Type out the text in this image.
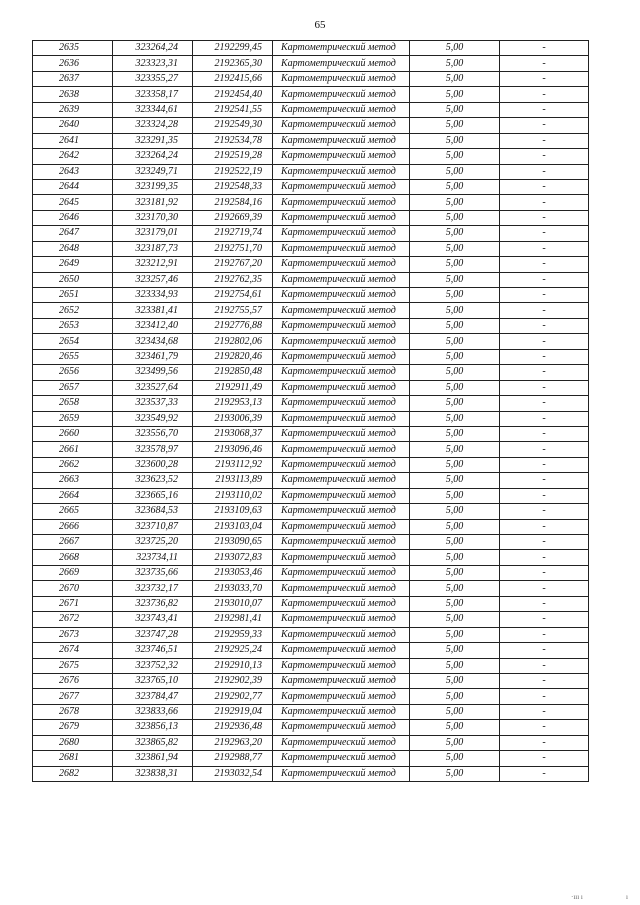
65
2635	323264,24	2192299,45	Картометрический метод	5,00	-
2636	323323,31	2192365,30	Картометрический метод	5,00	-
2637	323355,27	2192415,66	Картометрический метод	5,00	-
2638	323358,17	2192454,40	Картометрический метод	5,00	-
2639	323344,61	2192541,55	Картометрический метод	5,00	-
2640	323324,28	2192549,30	Картометрический метод	5,00	-
2641	323291,35	2192534,78	Картометрический метод	5,00	-
2642	323264,24	2192519,28	Картометрический метод	5,00	-
2643	323249,71	2192522,19	Картометрический метод	5,00	-
2644	323199,35	2192548,33	Картометрический метод	5,00	-
2645	323181,92	2192584,16	Картометрический метод	5,00	-
2646	323170,30	2192669,39	Картометрический метод	5,00	-
2647	323179,01	2192719,74	Картометрический метод	5,00	-
2648	323187,73	2192751,70	Картометрический метод	5,00	-
2649	323212,91	2192767,20	Картометрический метод	5,00	-
2650	323257,46	2192762,35	Картометрический метод	5,00	-
2651	323334,93	2192754,61	Картометрический метод	5,00	-
2652	323381,41	2192755,57	Картометрический метод	5,00	-
2653	323412,40	2192776,88	Картометрический метод	5,00	-
2654	323434,68	2192802,06	Картометрический метод	5,00	-
2655	323461,79	2192820,46	Картометрический метод	5,00	-
2656	323499,56	2192850,48	Картометрический метод	5,00	-
2657	323527,64	2192911,49	Картометрический метод	5,00	-
2658	323537,33	2192953,13	Картометрический метод	5,00	-
2659	323549,92	2193006,39	Картометрический метод	5,00	-
2660	323556,70	2193068,37	Картометрический метод	5,00	-
2661	323578,97	2193096,46	Картометрический метод	5,00	-
2662	323600,28	2193112,92	Картометрический метод	5,00	-
2663	323623,52	2193113,89	Картометрический метод	5,00	-
2664	323665,16	2193110,02	Картометрический метод	5,00	-
2665	323684,53	2193109,63	Картометрический метод	5,00	-
2666	323710,87	2193103,04	Картометрический метод	5,00	-
2667	323725,20	2193090,65	Картометрический метод	5,00	-
2668	323734,11	2193072,83	Картометрический метод	5,00	-
2669	323735,66	2193053,46	Картометрический метод	5,00	-
2670	323732,17	2193033,70	Картометрический метод	5,00	-
2671	323736,82	2193010,07	Картометрический метод	5,00	-
2672	323743,41	2192981,41	Картометрический метод	5,00	-
2673	323747,28	2192959,33	Картометрический метод	5,00	-
2674	323746,51	2192925,24	Картометрический метод	5,00	-
2675	323752,32	2192910,13	Картометрический метод	5,00	-
2676	323765,10	2192902,39	Картометрический метод	5,00	-
2677	323784,47	2192902,77	Картометрический метод	5,00	-
2678	323833,66	2192919,04	Картометрический метод	5,00	-
2679	323856,13	2192936,48	Картометрический метод	5,00	-
2680	323865,82	2192963,20	Картометрический метод	5,00	-
2681	323861,94	2192988,77	Картометрический метод	5,00	-
2682	323838,31	2193032,54	Картометрический метод	5,00	-
·ııı ı	ı
